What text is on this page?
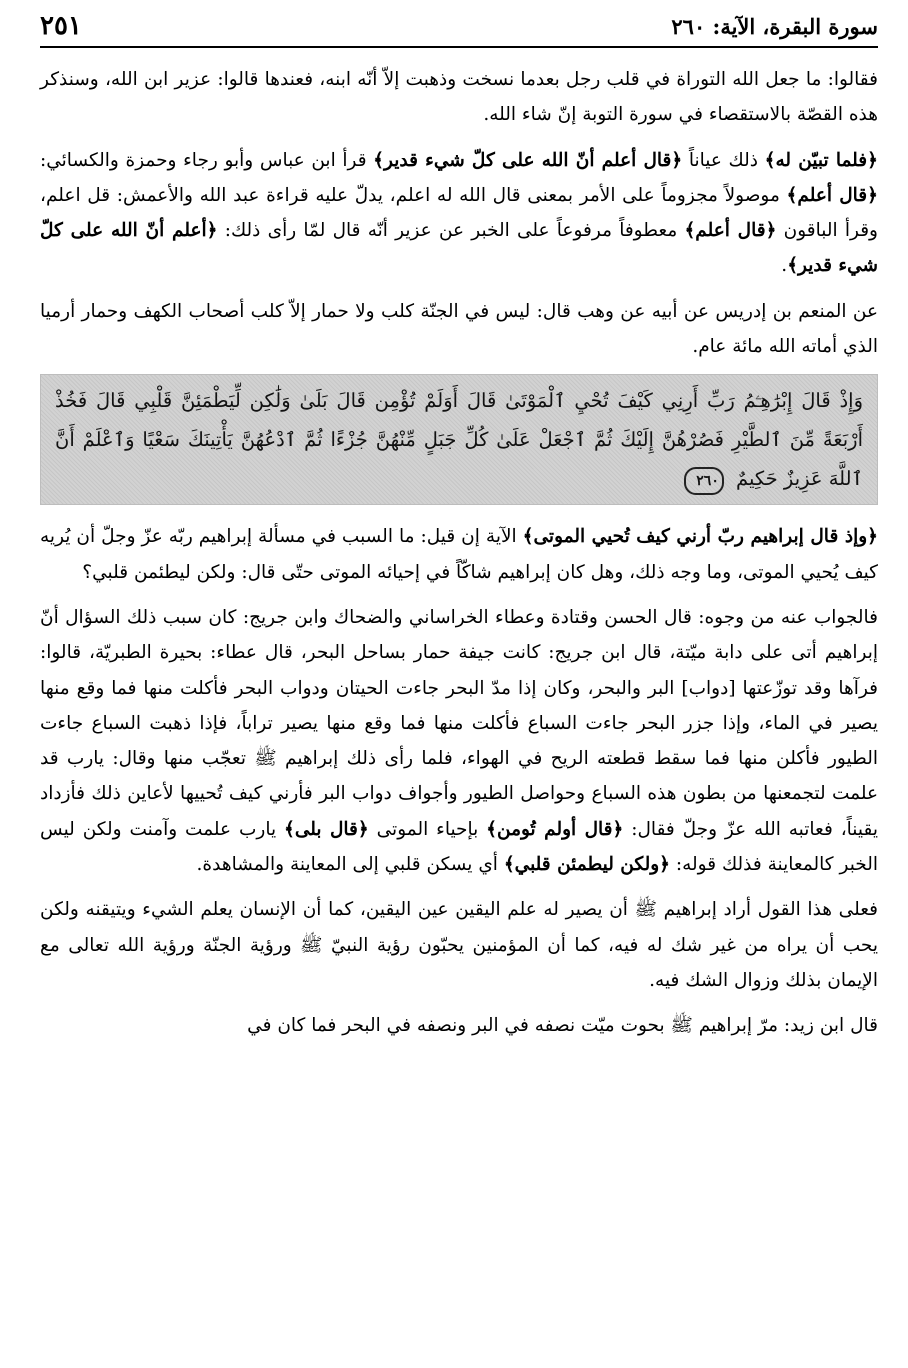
سورة البقرة، الآية: ٢٦٠
٢٥١

فقالوا: ما جعل الله التوراة في قلب رجل بعدما نسخت وذهبت إلاّ أنّه ابنه، فعندها قالوا: عزير ابن الله، وسنذكر هذه القصّة بالاستقصاء في سورة التوبة إنّ شاء الله.

﴿فلما تبيّن له﴾ ذلك عياناً ﴿قال أعلم أنّ الله على كلّ شيء قدير﴾ قرأ ابن عباس وأبو رجاء وحمزة والكسائي: ﴿قال أعلم﴾ موصولاً مجزوماً على الأمر بمعنى قال الله له اعلم، يدلّ عليه قراءة عبد الله والأعمش: قل اعلم، وقرأ الباقون ﴿قال أعلم﴾ معطوفاً مرفوعاً على الخبر عن عزير أنّه قال لمّا رأى ذلك: ﴿أعلم أنّ الله على كلّ شيء قدير﴾.

عن المنعم بن إدريس عن أبيه عن وهب قال: ليس في الجنّة كلب ولا حمار إلاّ كلب أصحاب الكهف وحمار أرميا الذي أماته الله مائة عام.

وَإِذْ قَالَ إِبْرَٰهِـۧمُ رَبِّ أَرِنِي كَيْفَ تُحْيِ ٱلْمَوْتَىٰ قَالَ أَوَلَمْ تُؤْمِن قَالَ بَلَىٰ وَلَٰكِن لِّيَطْمَئِنَّ قَلْبِي قَالَ فَخُذْ أَرْبَعَةً مِّنَ ٱلطَّيْرِ فَصُرْهُنَّ إِلَيْكَ ثُمَّ ٱجْعَلْ عَلَىٰ كُلِّ جَبَلٍ مِّنْهُنَّ جُزْءًا ثُمَّ ٱدْعُهُنَّ يَأْتِينَكَ سَعْيًا وَٱعْلَمْ أَنَّ ٱللَّهَ عَزِيزٌ حَكِيمٌ ٢٦٠

﴿وإذ قال إبراهيم ربّ أرني كيف تُحيي الموتى﴾ الآية إن قيل: ما السبب في مسألة إبراهيم ربّه عزّ وجلّ أن يُريه كيف يُحيي الموتى، وما وجه ذلك، وهل كان إبراهيم شاكّاً في إحيائه الموتى حتّى قال: ولكن ليطئمن قلبي؟

فالجواب عنه من وجوه: قال الحسن وقتادة وعطاء الخراساني والضحاك وابن جريج: كان سبب ذلك السؤال أنّ إبراهيم أتى على دابة ميّتة، قال ابن جريج: كانت جيفة حمار بساحل البحر، قال عطاء: بحيرة الطبريّة، قالوا: فرآها وقد توزّعتها [دواب] البر والبحر، وكان إذا مدّ البحر جاءت الحيتان ودواب البحر فأكلت منها فما وقع منها يصير في الماء، وإذا جزر البحر جاءت السباع فأكلت منها فما وقع منها يصير تراباً، فإذا ذهبت السباع جاءت الطيور فأكلن منها فما سقط قطعته الريح في الهواء، فلما رأى ذلك إبراهيم ﷺ تعجّب منها وقال: يارب قد علمت لتجمعنها من بطون هذه السباع وحواصل الطيور وأجواف دواب البر فأرني كيف تُحييها لأعاين ذلك فأزداد يقيناً، فعاتبه الله عزّ وجلّ فقال: ﴿قال أولم تُومن﴾ بإحياء الموتى ﴿قال بلى﴾ يارب علمت وآمنت ولكن ليس الخبر كالمعاينة فذلك قوله: ﴿ولكن ليطمئن قلبي﴾ أي يسكن قلبي إلى المعاينة والمشاهدة.

فعلى هذا القول أراد إبراهيم ﷺ أن يصير له علم اليقين عين اليقين، كما أن الإنسان يعلم الشيء ويتيقنه ولكن يحب أن يراه من غير شك له فيه، كما أن المؤمنين يحبّون رؤية النبيّ ﷺ ورؤية الجنّة ورؤية الله تعالى مع الإيمان بذلك وزوال الشك فيه.

قال ابن زيد: مرّ إبراهيم ﷺ بحوت ميّت نصفه في البر ونصفه في البحر فما كان في
